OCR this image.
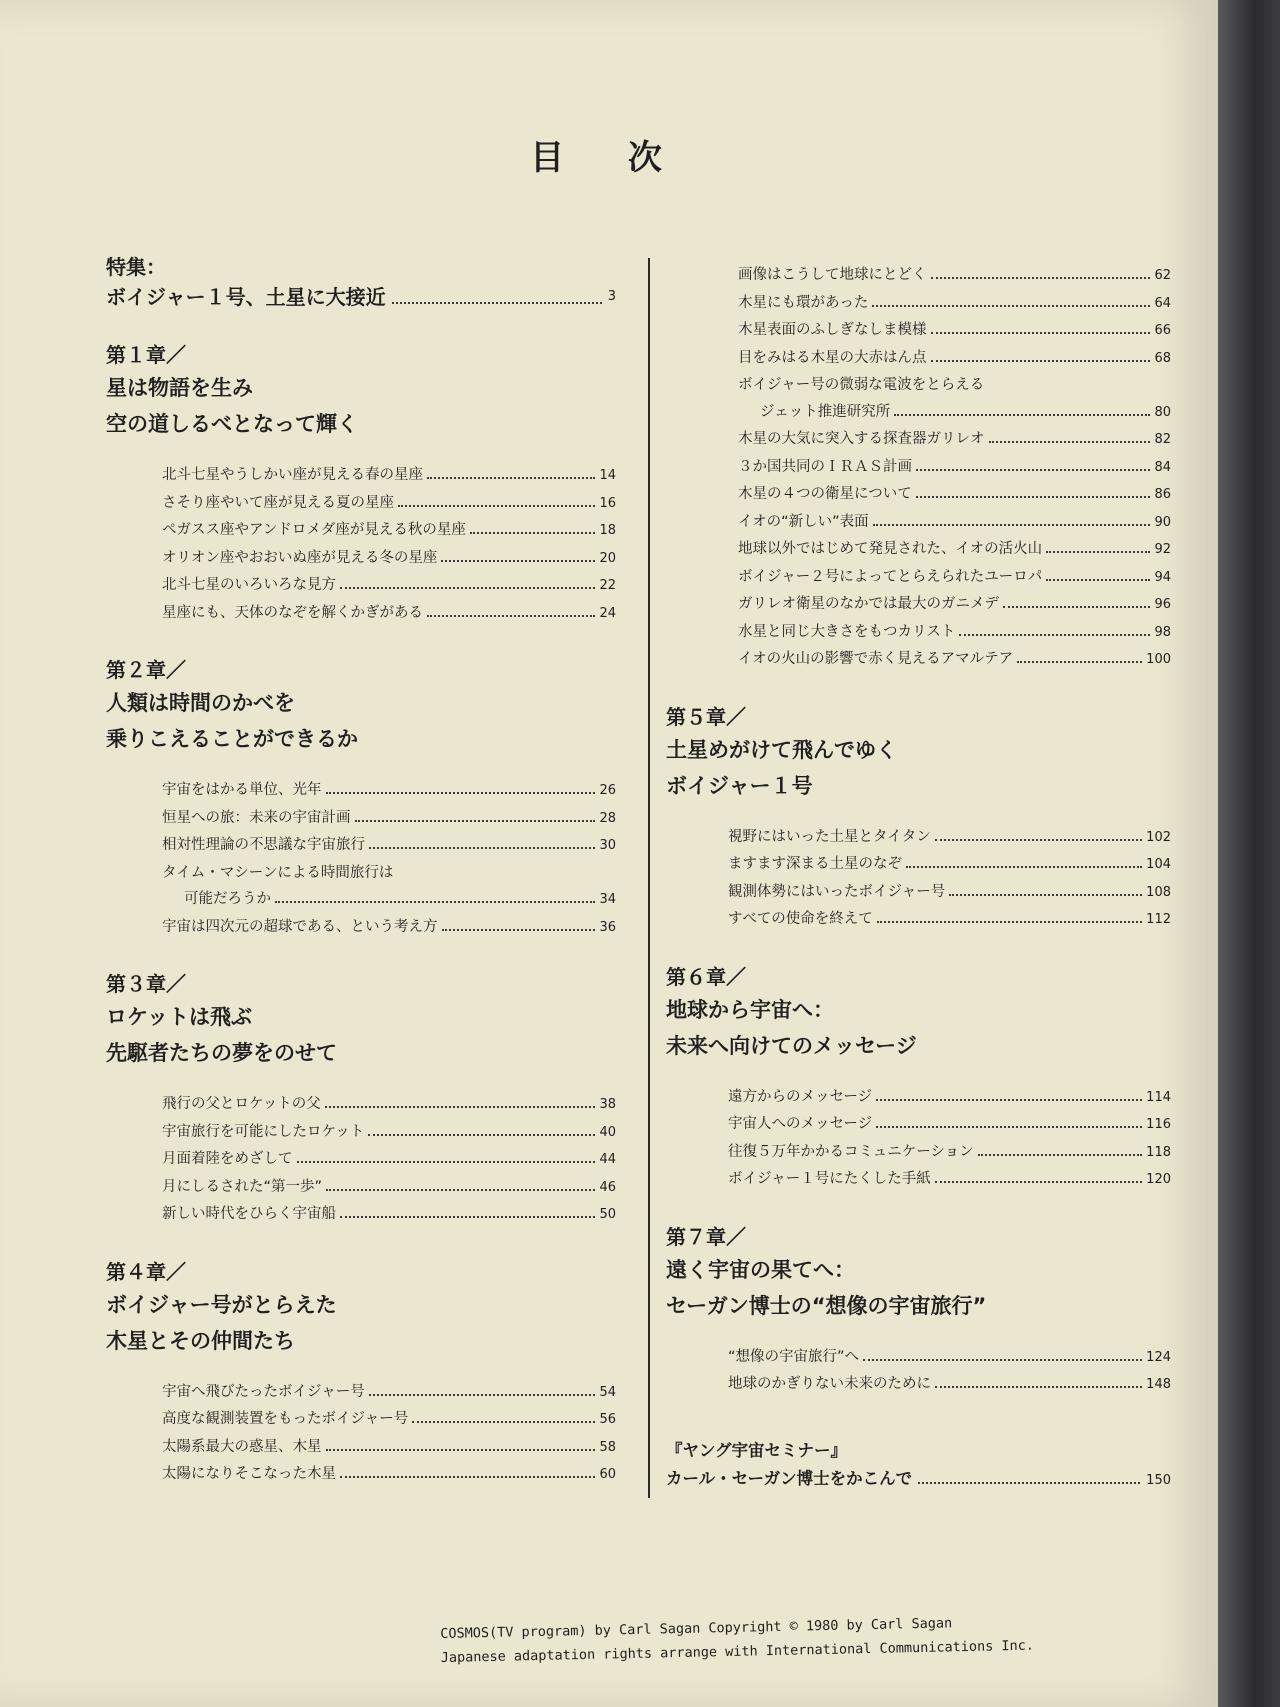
目 次
特集：
ボイジャー１号、土星に大接近	3
第１章／
星は物語を生み
空の道しるべとなって輝く
北斗七星やうしかい座が見える春の星座	14
さそり座やいて座が見える夏の星座	16
ペガスス座やアンドロメダ座が見える秋の星座	18
オリオン座やおおいぬ座が見える冬の星座	20
北斗七星のいろいろな見方	22
星座にも、天体のなぞを解くかぎがある	24
第２章／
人類は時間のかべを
乗りこえることができるか
宇宙をはかる単位、光年	26
恒星への旅：未来の宇宙計画	28
相対性理論の不思議な宇宙旅行	30
タイム・マシーンによる時間旅行は
可能だろうか	34
宇宙は四次元の超球である、という考え方	36
第３章／
ロケットは飛ぶ
先駆者たちの夢をのせて
飛行の父とロケットの父	38
宇宙旅行を可能にしたロケット	40
月面着陸をめざして	44
月にしるされた“第一歩”	46
新しい時代をひらく宇宙船	50
第４章／
ボイジャー号がとらえた
木星とその仲間たち
宇宙へ飛びたったボイジャー号	54
高度な観測装置をもったボイジャー号	56
太陽系最大の惑星、木星	58
太陽になりそこなった木星	60
画像はこうして地球にとどく	62
木星にも環があった	64
木星表面のふしぎなしま模様	66
目をみはる木星の大赤はん点	68
ボイジャー号の微弱な電波をとらえる
ジェット推進研究所	80
木星の大気に突入する探査器ガリレオ	82
３か国共同のＩＲＡＳ計画	84
木星の４つの衛星について	86
イオの“新しい”表面	90
地球以外ではじめて発見された、イオの活火山	92
ボイジャー２号によってとらえられたユーロパ	94
ガリレオ衛星のなかでは最大のガニメデ	96
水星と同じ大きさをもつカリスト	98
イオの火山の影響で赤く見えるアマルテア	100
第５章／
土星めがけて飛んでゆく
ボイジャー１号
視野にはいった土星とタイタン	102
ますます深まる土星のなぞ	104
観測体勢にはいったボイジャー号	108
すべての使命を終えて	112
第６章／
地球から宇宙へ：
未来へ向けてのメッセージ
遠方からのメッセージ	114
宇宙人へのメッセージ	116
往復５万年かかるコミュニケーション	118
ボイジャー１号にたくした手紙	120
第７章／
遠く宇宙の果てへ：
セーガン博士の“想像の宇宙旅行”
“想像の宇宙旅行”へ	124
地球のかぎりない未来のために	148
『ヤング宇宙セミナー』
カール・セーガン博士をかこんで	150
COSMOS(TV program) by Carl Sagan Copyright © 1980 by Carl Sagan
Japanese adaptation rights arrange with International Communications Inc.
